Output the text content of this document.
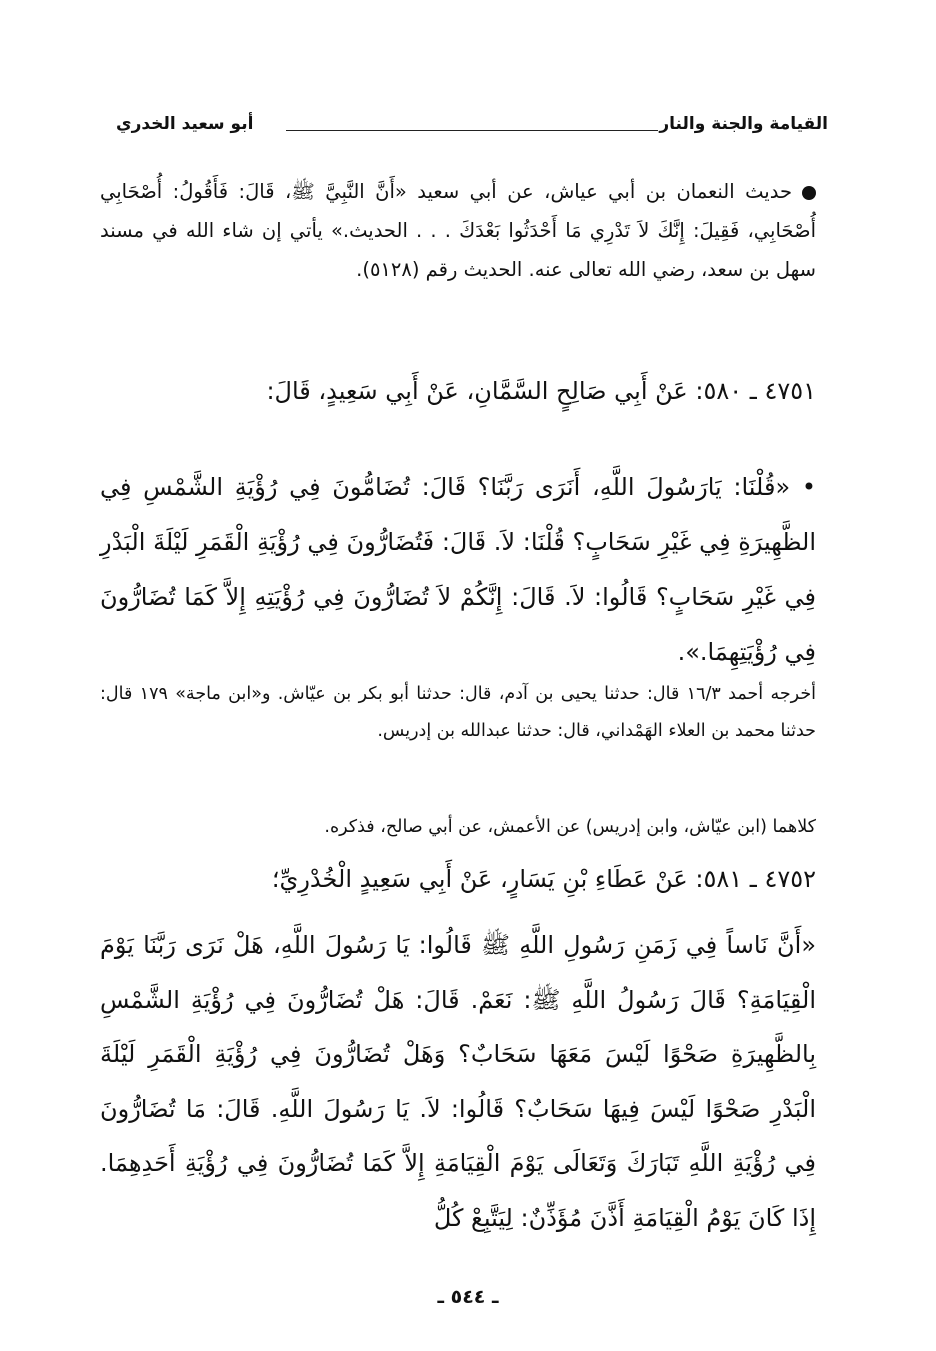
القيامة والجنة والنار
أبو سعيد الخدري
حديث النعمان بن أبي عياش، عن أبي سعيد «أَنَّ النَّبِيَّ ﷺ، قَالَ: فَأَقُولُ: أُصْحَابِي أُصْحَابِي، فَقِيلَ: إِنَّكَ لاَ تَدْرِي مَا أَحْدَثُوا بَعْدَكَ . . . الحديث.» يأتي إن شاء الله في مسند سهل بن سعد، رضي الله تعالى عنه. الحديث رقم (٥١٢٨).
٤٧٥١ ـ ٥٨٠: عَنْ أَبِي صَالِحٍ السَّمَّانِ، عَنْ أَبِي سَعِيدٍ، قَالَ:
• «قُلْنَا: يَارَسُولَ اللَّهِ، أَنَرَى رَبَّنَا؟ قَالَ: تُضَامُّونَ فِي رُؤْيَةِ الشَّمْسِ فِي الظَّهِيرَةِ فِي غَيْرِ سَحَابٍ؟ قُلْنَا: لاَ. قَالَ: فَتُضَارُّونَ فِي رُؤْيَةِ الْقَمَرِ لَيْلَةَ الْبَدْرِ فِي غَيْرِ سَحَابٍ؟ قَالُوا: لاَ. قَالَ: إِنَّكُمْ لاَ تُضَارُّونَ فِي رُؤْيَتِهِ إِلاَّ كَمَا تُضَارُّونَ فِي رُؤْيَتِهِمَا.».
أخرجه أحمد ١٦/٣ قال: حدثنا يحيى بن آدم، قال: حدثنا أبو بكر بن عيّاش. و«ابن ماجة» ١٧٩ قال: حدثنا محمد بن العلاء الهَمْداني، قال: حدثنا عبدالله بن إدريس.
كلاهما (ابن عيّاش، وابن إدريس) عن الأعمش، عن أبي صالح، فذكره.
٤٧٥٢ ـ ٥٨١: عَنْ عَطَاءِ بْنِ يَسَارٍ، عَنْ أَبِي سَعِيدٍ الْخُدْرِيِّ؛
«أَنَّ نَاساً فِي زَمَنِ رَسُولِ اللَّهِ ﷺ قَالُوا: يَا رَسُولَ اللَّهِ، هَلْ نَرَى رَبَّنَا يَوْمَ الْقِيَامَةِ؟ قَالَ رَسُولُ اللَّهِ ﷺ: نَعَمْ. قَالَ: هَلْ تُضَارُّونَ فِي رُؤْيَةِ الشَّمْسِ بِالظَّهِيرَةِ صَحْوًا لَيْسَ مَعَهَا سَحَابٌ؟ وَهَلْ تُضَارُّونَ فِي رُؤْيَةِ الْقَمَرِ لَيْلَةَ الْبَدْرِ صَحْوًا لَيْسَ فِيهَا سَحَابٌ؟ قَالُوا: لاَ. يَا رَسُولَ اللَّهِ. قَالَ: مَا تُضَارُّونَ فِي رُؤْيَةِ اللَّهِ تَبَارَكَ وَتَعَالَى يَوْمَ الْقِيَامَةِ إِلاَّ كَمَا تُضَارُّونَ فِي رُؤْيَةِ أَحَدِهِمَا. إِذَا كَانَ يَوْمُ الْقِيَامَةِ أَذَّنَ مُؤَذِّنٌ: لِيَتَّبِعْ كُلُّ
ـ ٥٤٤ ـ
